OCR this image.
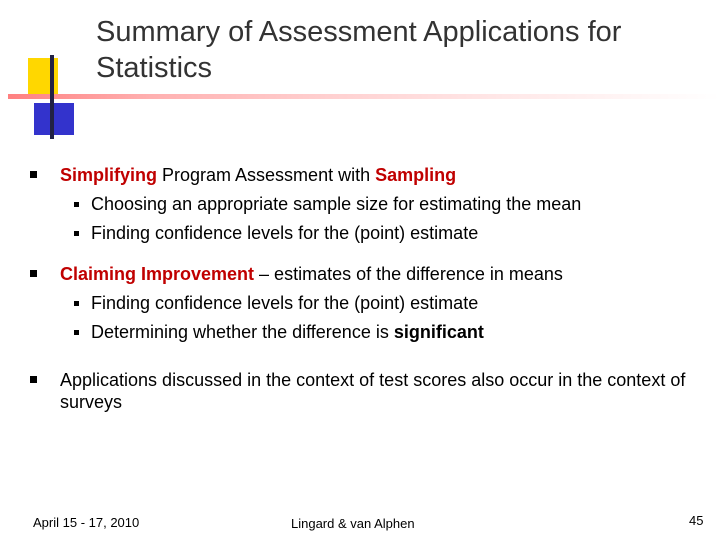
Summary of Assessment Applications for Statistics
Simplifying Program Assessment with Sampling
Choosing an appropriate sample size for estimating the mean
Finding confidence levels for the (point) estimate
Claiming Improvement – estimates of the difference in means
Finding confidence levels for the (point) estimate
Determining whether the difference is significant
Applications discussed in the context of test scores also occur in the context of surveys
April 15 - 17, 2010	Lingard & van Alphen	45
